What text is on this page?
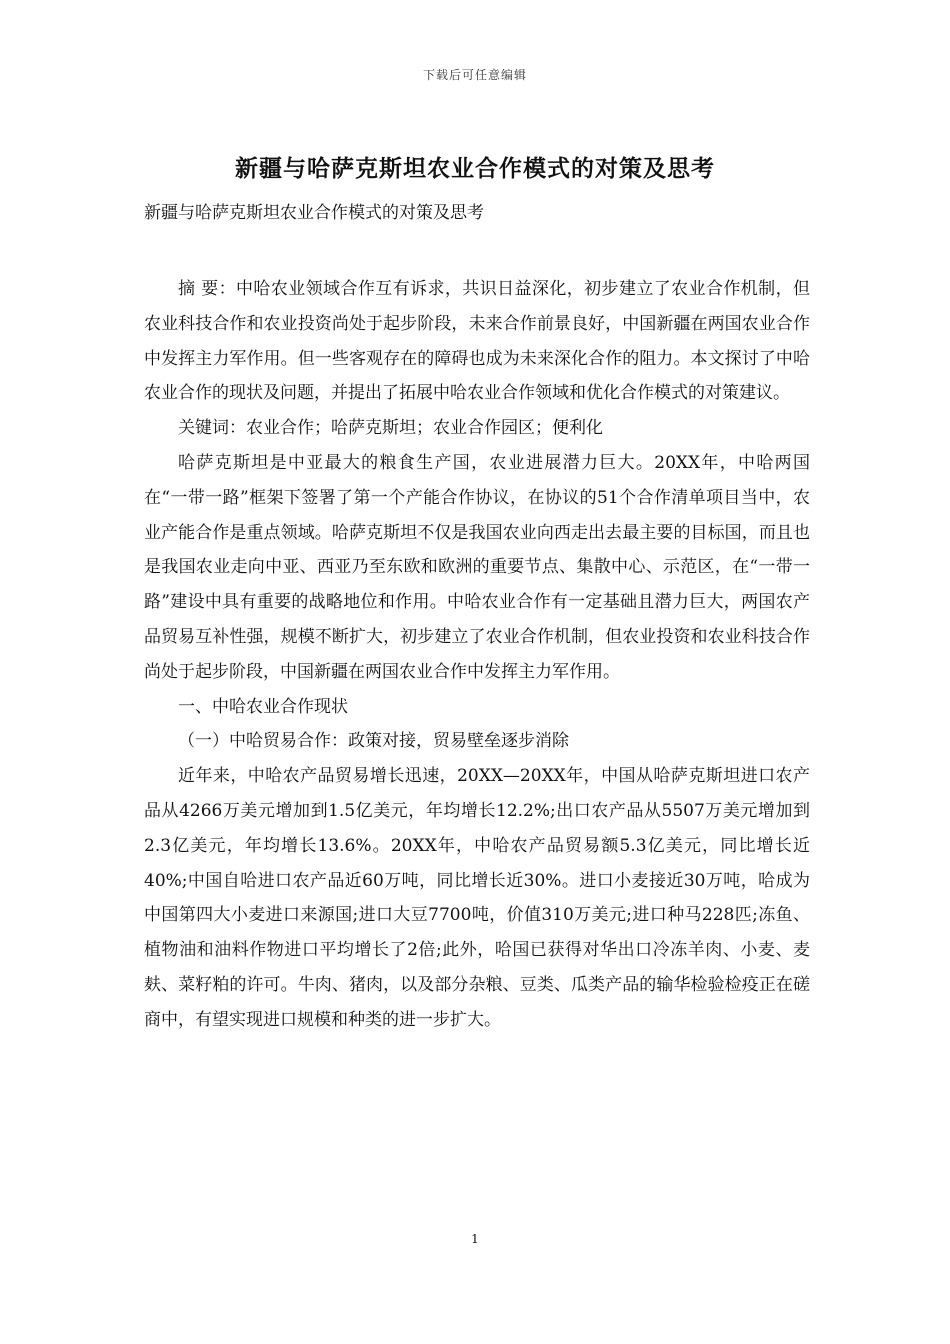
下载后可任意编辑
新疆与哈萨克斯坦农业合作模式的对策及思考

新疆与哈萨克斯坦农业合作模式的对策及思考

摘 要：中哈农业领域合作互有诉求，共识日益深化，初步建立了农业合作机制，但农业科技合作和农业投资尚处于起步阶段，未来合作前景良好，中国新疆在两国农业合作中发挥主力军作用。但一些客观存在的障碍也成为未来深化合作的阻力。本文探讨了中哈农业合作的现状及问题，并提出了拓展中哈农业合作领域和优化合作模式的对策建议。

关键词：农业合作；哈萨克斯坦；农业合作园区；便利化

哈萨克斯坦是中亚最大的粮食生产国，农业进展潜力巨大。20XX年，中哈两国在“一带一路”框架下签署了第一个产能合作协议，在协议的51个合作清单项目当中，农业产能合作是重点领域。哈萨克斯坦不仅是我国农业向西走出去最主要的目标国，而且也是我国农业走向中亚、西亚乃至东欧和欧洲的重要节点、集散中心、示范区，在“一带一路”建设中具有重要的战略地位和作用。中哈农业合作有一定基础且潜力巨大，两国农产品贸易互补性强，规模不断扩大，初步建立了农业合作机制，但农业投资和农业科技合作尚处于起步阶段，中国新疆在两国农业合作中发挥主力军作用。

一、中哈农业合作现状

（一）中哈贸易合作：政策对接，贸易壁垒逐步消除

近年来，中哈农产品贸易增长迅速，20XX—20XX年，中国从哈萨克斯坦进口农产品从4266万美元增加到1.5亿美元，年均增长12.2%;出口农产品从5507万美元增加到2.3亿美元，年均增长13.6%。20XX年，中哈农产品贸易额5.3亿美元，同比增长近40%;中国自哈进口农产品近60万吨，同比增长近30%。进口小麦接近30万吨，哈成为中国第四大小麦进口来源国;进口大豆7700吨，价值310万美元;进口种马228匹;冻鱼、植物油和油料作物进口平均增长了2倍;此外，哈国已获得对华出口冷冻羊肉、小麦、麦麸、菜籽粕的许可。牛肉、猪肉，以及部分杂粮、豆类、瓜类产品的输华检验检疫正在磋商中，有望实现进口规模和种类的进一步扩大。

1
